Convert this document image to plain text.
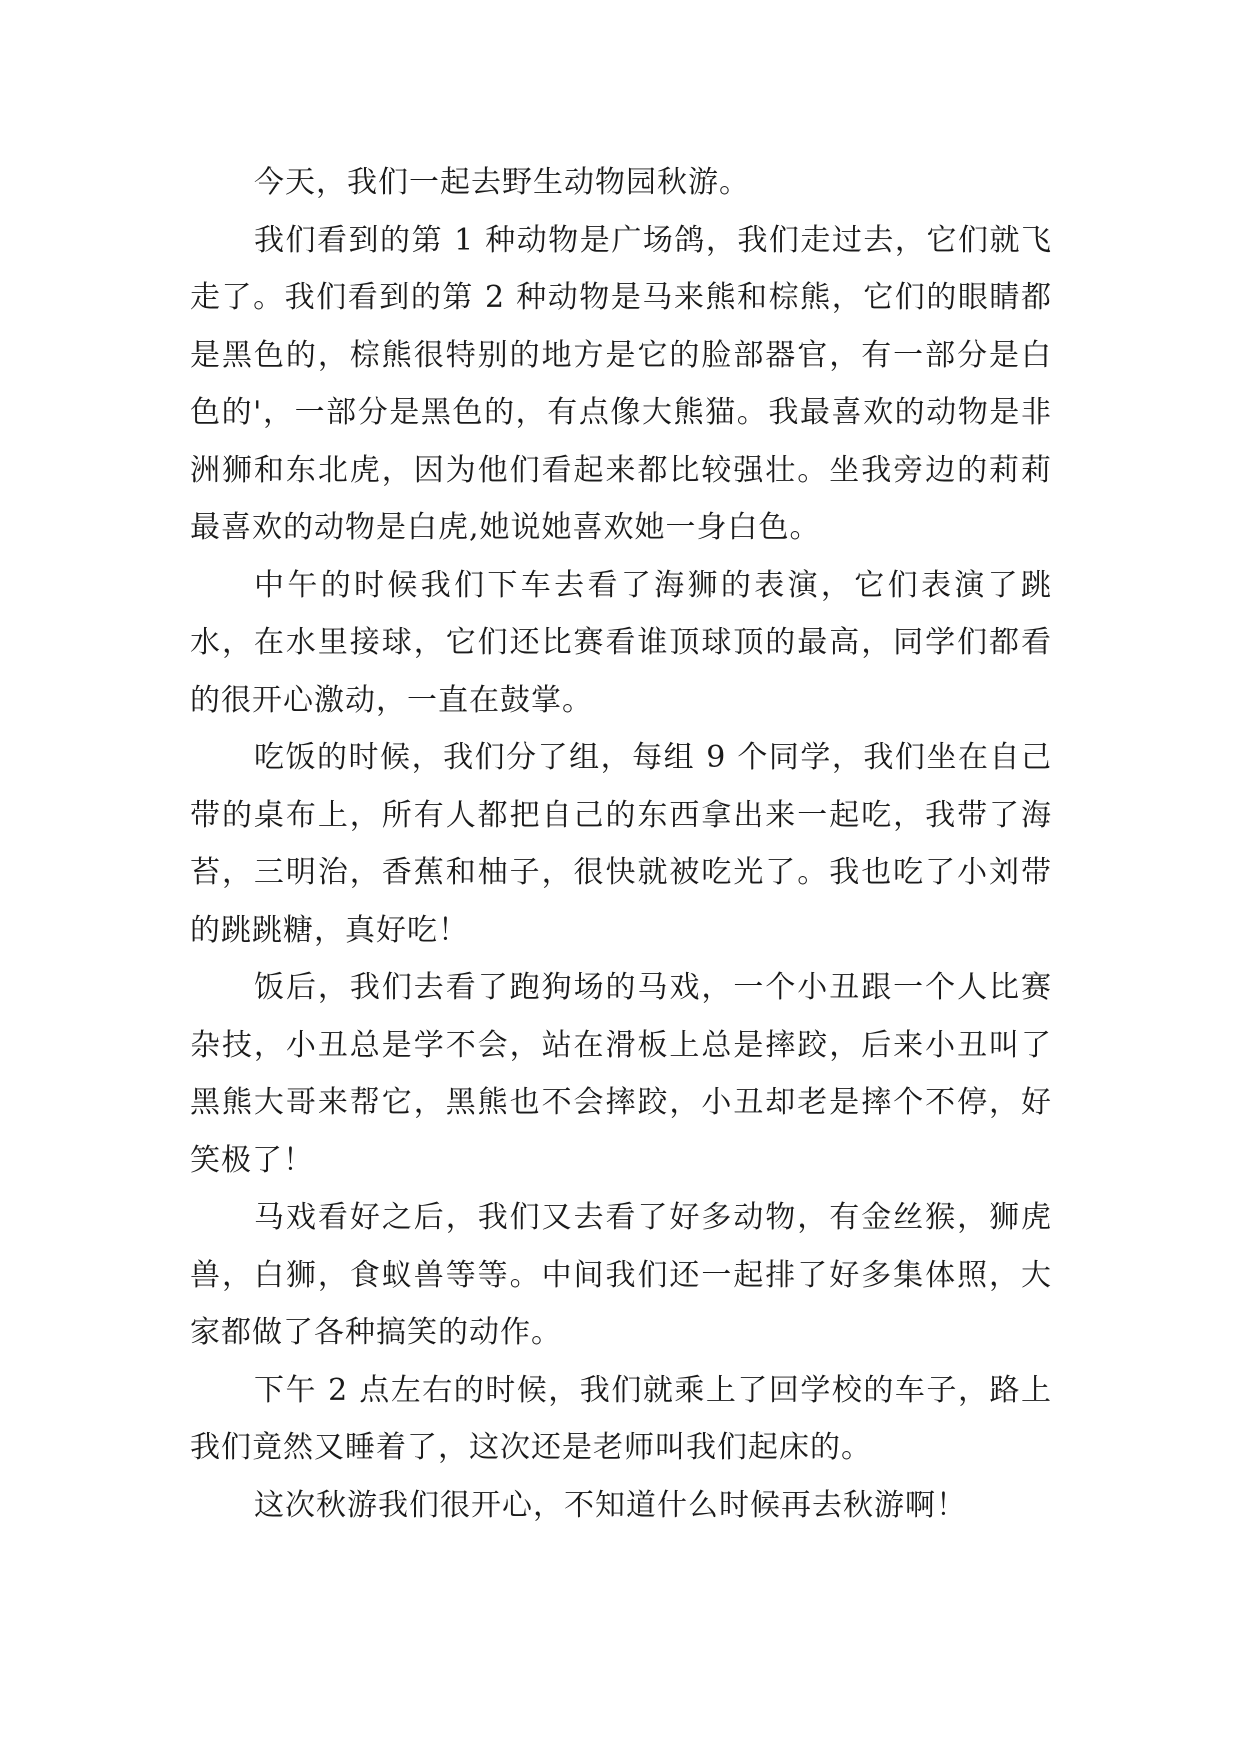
今天，我们一起去野生动物园秋游。

我们看到的第 1 种动物是广场鸽，我们走过去，它们就飞走了。我们看到的第 2 种动物是马来熊和棕熊，它们的眼睛都是黑色的，棕熊很特别的地方是它的脸部器官，有一部分是白色的'，一部分是黑色的，有点像大熊猫。我最喜欢的动物是非洲狮和东北虎，因为他们看起来都比较强壮。坐我旁边的莉莉最喜欢的动物是白虎,她说她喜欢她一身白色。

中午的时候我们下车去看了海狮的表演，它们表演了跳水，在水里接球，它们还比赛看谁顶球顶的最高，同学们都看的很开心激动，一直在鼓掌。

吃饭的时候，我们分了组，每组 9 个同学，我们坐在自己带的桌布上，所有人都把自己的东西拿出来一起吃，我带了海苔，三明治，香蕉和柚子，很快就被吃光了。我也吃了小刘带的跳跳糖，真好吃！

饭后，我们去看了跑狗场的马戏，一个小丑跟一个人比赛杂技，小丑总是学不会，站在滑板上总是摔跤，后来小丑叫了黑熊大哥来帮它，黑熊也不会摔跤，小丑却老是摔个不停，好笑极了！

马戏看好之后，我们又去看了好多动物，有金丝猴，狮虎兽，白狮，食蚁兽等等。中间我们还一起排了好多集体照，大家都做了各种搞笑的动作。

下午 2 点左右的时候，我们就乘上了回学校的车子，路上我们竟然又睡着了，这次还是老师叫我们起床的。

这次秋游我们很开心，不知道什么时候再去秋游啊！
